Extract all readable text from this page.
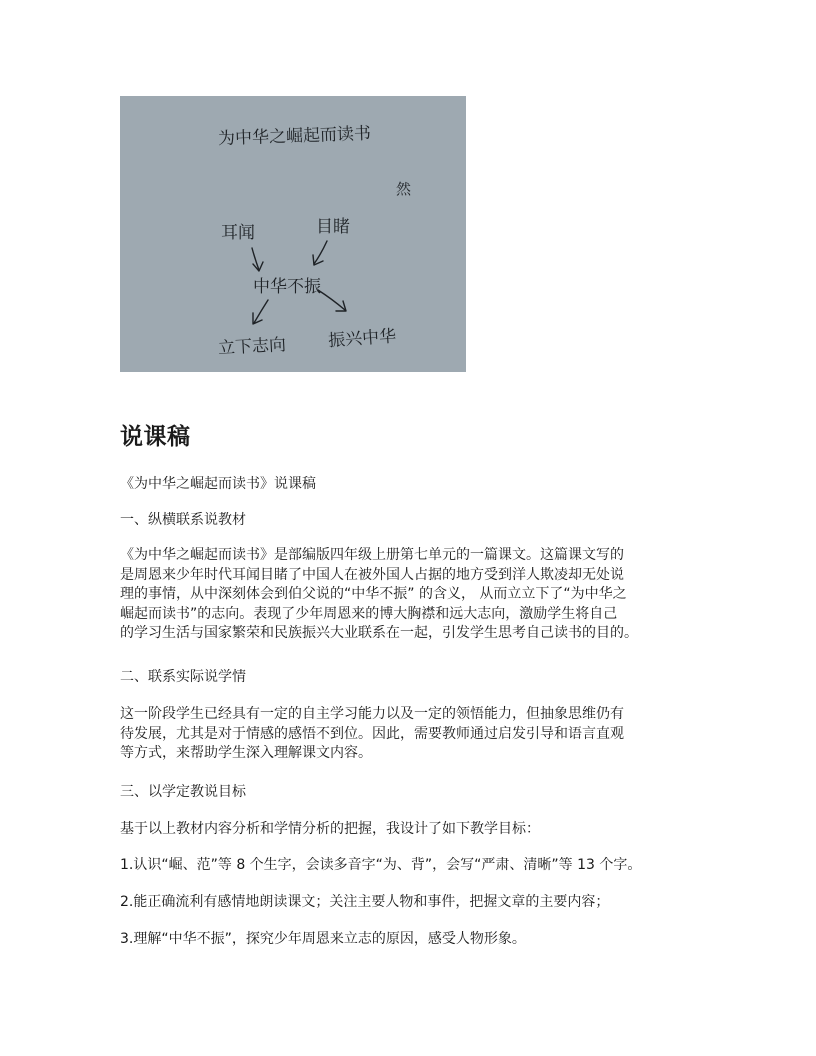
为中华之崛起而读书
然
耳闻	目睹
中华不振
立下志向 振兴中华
说课稿

《为中华之崛起而读书》说课稿

一、纵横联系说教材

《为中华之崛起而读书》是部编版四年级上册第七单元的一篇课文。这篇课文写的
是周恩来少年时代耳闻目睹了中国人在被外国人占据的地方受到洋人欺凌却无处说
理的事情，从中深刻体会到伯父说的“中华不振” 的含义， 从而立立下了“为中华之
崛起而读书”的志向。表现了少年周恩来的博大胸襟和远大志向，激励学生将自己
的学习生活与国家繁荣和民族振兴大业联系在一起，引发学生思考自己读书的目的。

二、联系实际说学情

这一阶段学生已经具有一定的自主学习能力以及一定的领悟能力，但抽象思维仍有
待发展，尤其是对于情感的感悟不到位。因此，需要教师通过启发引导和语言直观
等方式，来帮助学生深入理解课文内容。

三、以学定教说目标

基于以上教材内容分析和学情分析的把握，我设计了如下教学目标：

1.认识“崛、范”等 8 个生字，会读多音字“为、背”，会写“严肃、清晰”等 13 个字。

2.能正确流利有感情地朗读课文；关注主要人物和事件，把握文章的主要内容；

3.理解“中华不振”，探究少年周恩来立志的原因，感受人物形象。
